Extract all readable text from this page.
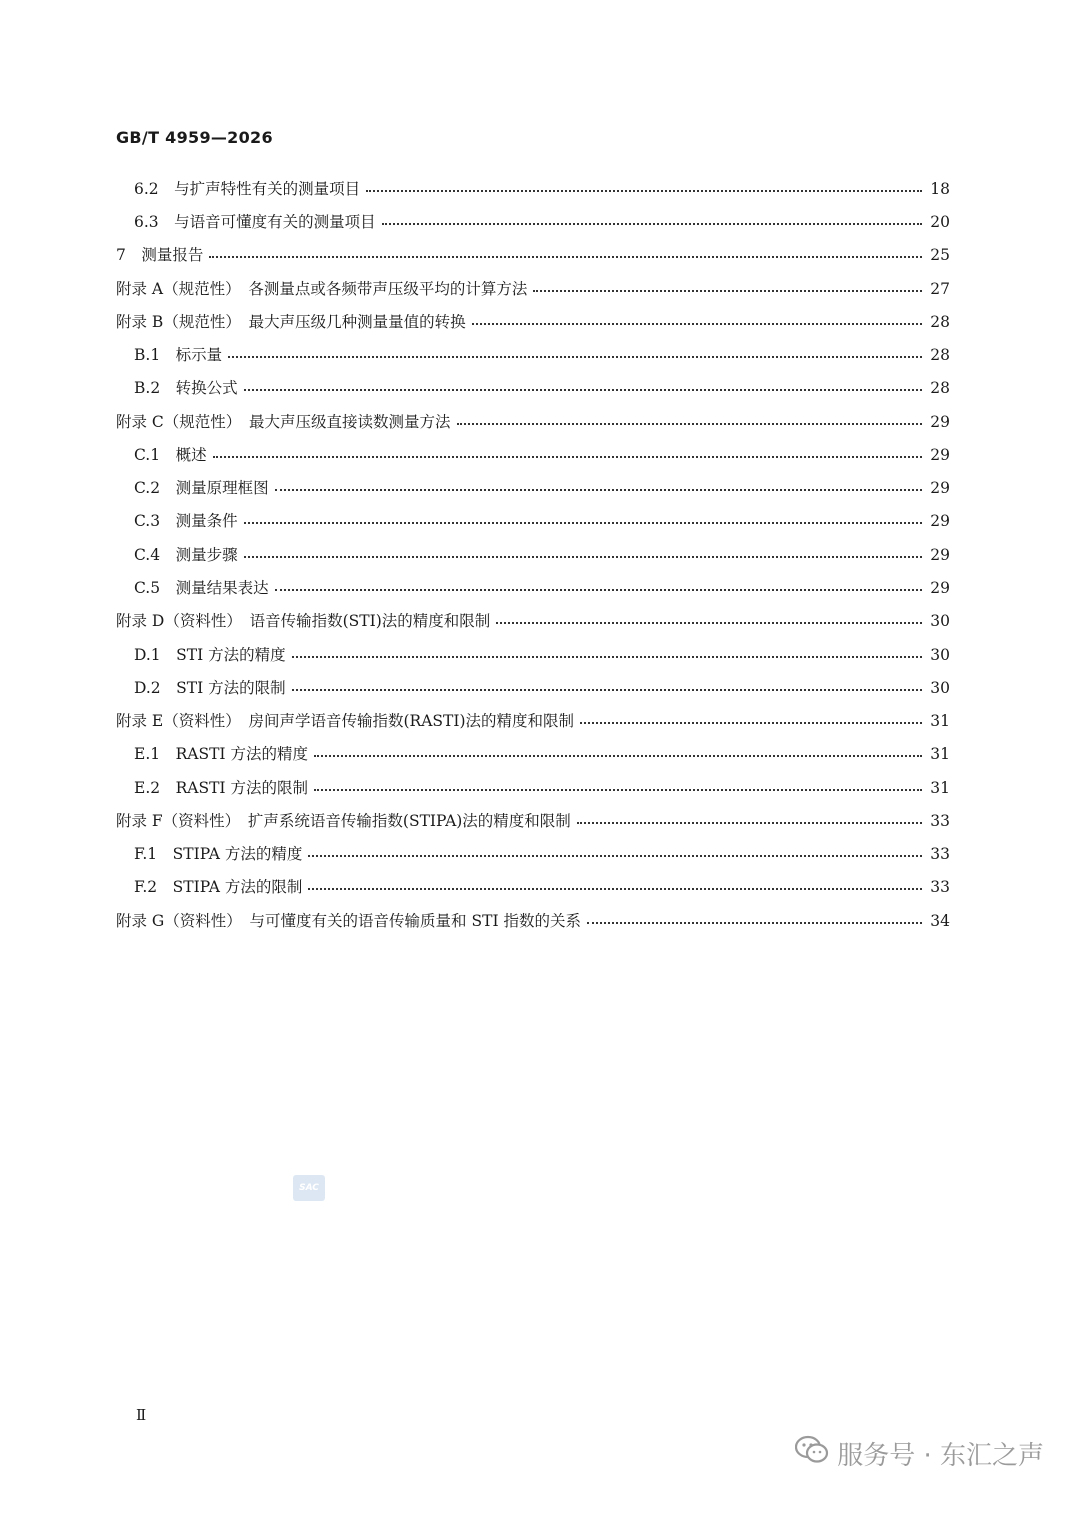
GB/T 4959—2026
6.2　与扩声特性有关的测量项目	18
6.3　与语音可懂度有关的测量项目	20
7　测量报告	25
附录 A（规范性）　各测量点或各频带声压级平均的计算方法	27
附录 B（规范性）　最大声压级几种测量量值的转换	28
B.1　标示量	28
B.2　转换公式	28
附录 C（规范性）　最大声压级直接读数测量方法	29
C.1　概述	29
C.2　测量原理框图	29
C.3　测量条件	29
C.4　测量步骤	29
C.5　测量结果表达	29
附录 D（资料性）　语音传输指数(STI)法的精度和限制	30
D.1　STI 方法的精度	30
D.2　STI 方法的限制	30
附录 E（资料性）　房间声学语音传输指数(RASTI)法的精度和限制	31
E.1　RASTI 方法的精度	31
E.2　RASTI 方法的限制	31
附录 F（资料性）　扩声系统语音传输指数(STIPA)法的精度和限制	33
F.1　STIPA 方法的精度	33
F.2　STIPA 方法的限制	33
附录 G（资料性）　与可懂度有关的语音传输质量和 STI 指数的关系	34
SAC
Ⅱ
服务号 · 东汇之声
